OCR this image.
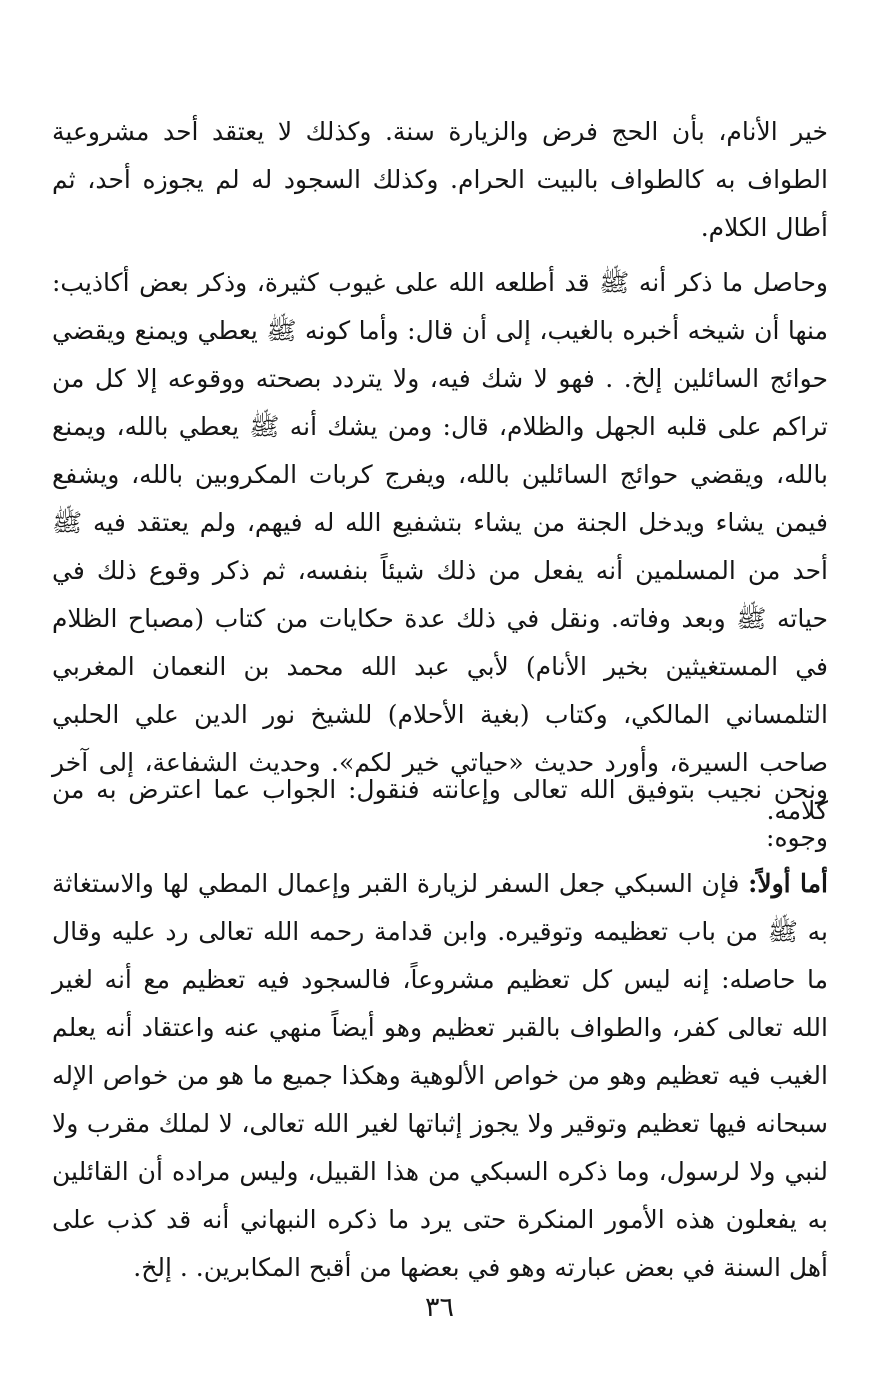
خير الأنام، بأن الحج فرض والزيارة سنة. وكذلك لا يعتقد أحد مشروعية الطواف به كالطواف بالبيت الحرام. وكذلك السجود له لم يجوزه أحد، ثم أطال الكلام.

وحاصل ما ذكر أنه ﷺ قد أطلعه الله على غيوب كثيرة، وذكر بعض أكاذيب: منها أن شيخه أخبره بالغيب، إلى أن قال: وأما كونه ﷺ يعطي ويمنع ويقضي حوائج السائلين إلخ. . فهو لا شك فيه، ولا يتردد بصحته ووقوعه إلا كل من تراكم على قلبه الجهل والظلام، قال: ومن يشك أنه ﷺ يعطي بالله، ويمنع بالله، ويقضي حوائج السائلين بالله، ويفرج كربات المكروبين بالله، ويشفع فيمن يشاء ويدخل الجنة من يشاء بتشفيع الله له فيهم، ولم يعتقد فيه ﷺ أحد من المسلمين أنه يفعل من ذلك شيئاً بنفسه، ثم ذكر وقوع ذلك في حياته ﷺ وبعد وفاته. ونقل في ذلك عدة حكايات من كتاب (مصباح الظلام في المستغيثين بخير الأنام) لأبي عبد الله محمد بن النعمان المغربي التلمساني المالكي، وكتاب (بغية الأحلام) للشيخ نور الدين علي الحلبي صاحب السيرة، وأورد حديث «حياتي خير لكم». وحديث الشفاعة، إلى آخر كلامه.

ونحن نجيب بتوفيق الله تعالى وإعانته فنقول: الجواب عما اعترض به من وجوه:

أما أولاً: فإن السبكي جعل السفر لزيارة القبر وإعمال المطي لها والاستغاثة به ﷺ من باب تعظيمه وتوقيره. وابن قدامة رحمه الله تعالى رد عليه وقال ما حاصله: إنه ليس كل تعظيم مشروعاً، فالسجود فيه تعظيم مع أنه لغير الله تعالى كفر، والطواف بالقبر تعظيم وهو أيضاً منهي عنه واعتقاد أنه يعلم الغيب فيه تعظيم وهو من خواص الألوهية وهكذا جميع ما هو من خواص الإله سبحانه فيها تعظيم وتوقير ولا يجوز إثباتها لغير الله تعالى، لا لملك مقرب ولا لنبي ولا لرسول، وما ذكره السبكي من هذا القبيل، وليس مراده أن القائلين به يفعلون هذه الأمور المنكرة حتى يرد ما ذكره النبهاني أنه قد كذب على أهل السنة في بعض عبارته وهو في بعضها من أقبح المكابرين. . إلخ.

٣٦
